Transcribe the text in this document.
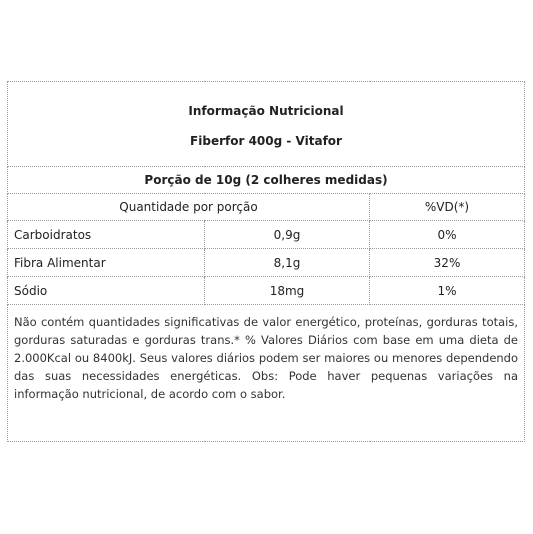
Informação Nutricional
Fiberfor 400g - Vitafor		

Porção de 10g (2 colheres medidas)		
Quantidade por porção		%VD(*)
Carboidratos	0,9g	0%
Fibra Alimentar	8,1g	32%
Sódio	18mg	1%
Não contém quantidades significativas de valor energético, proteínas, gorduras totais, gorduras saturadas e gorduras trans.* % Valores Diários com base em uma dieta de 2.000Kcal ou 8400kJ. Seus valores diários podem ser maiores ou menores dependendo das suas necessidades energéticas. Obs: Pode haver pequenas variações na informação nutricional, de acordo com o sabor.		
